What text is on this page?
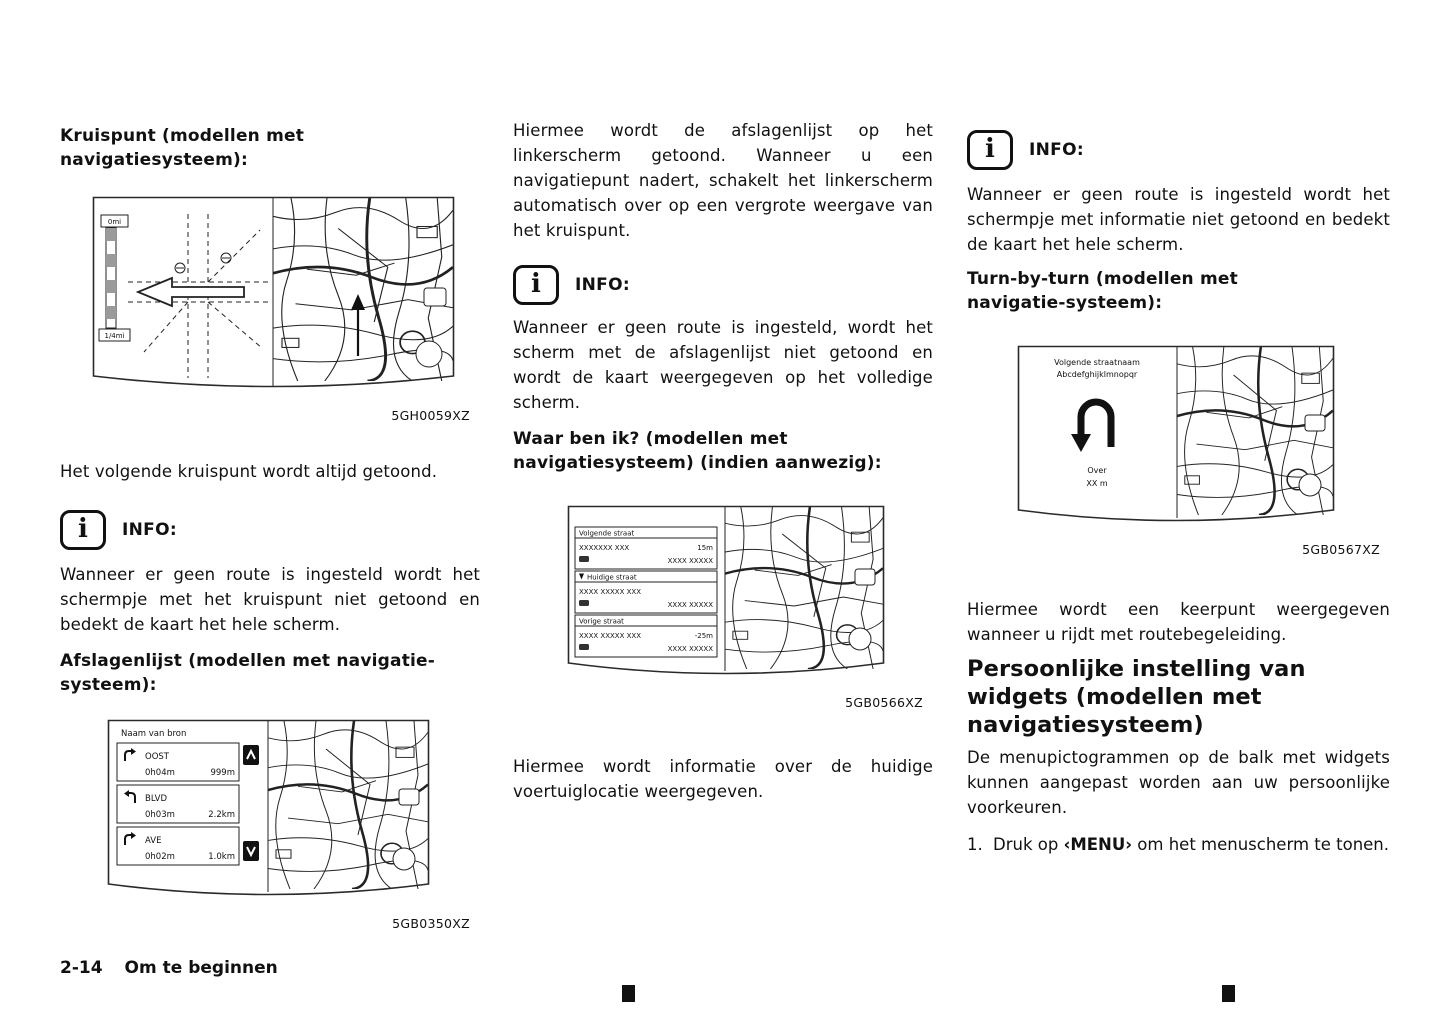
Kruispunt (modellen met navigatiesysteem):
0mi
1/4mi
5GH0059XZ

Het volgende kruispunt wordt altijd getoond.

i INFO:

Wanneer er geen route is ingesteld wordt het schermpje met het kruispunt niet getoond en bedekt de kaart het hele scherm.

Afslagenlijst (modellen met navigatie-systeem):
Naam van bron
OOST
0h04m	999m
BLVD
0h03m	2.2km
AVE
0h02m	1.0km
5GB0350XZ

Hiermee wordt de afslagenlijst op het linkerscherm getoond. Wanneer u een navigatiepunt nadert, schakelt het linkerscherm automatisch over op een vergrote weergave van het kruispunt.

i INFO:

Wanneer er geen route is ingesteld, wordt het scherm met de afslagenlijst niet getoond en wordt de kaart weergegeven op het volledige scherm.

Waar ben ik? (modellen met navigatiesysteem) (indien aanwezig):
Volgende straat
XXXXXXX XXX	15m
XXXX XXXXX
Huidige straat
XXXX XXXXX XXX
XXXX XXXXX
Vorige straat
XXXX XXXXX XXX	-25m
XXXX XXXXX
5GB0566XZ

Hiermee wordt informatie over de huidige voertuiglocatie weergegeven.

i INFO:

Wanneer er geen route is ingesteld wordt het schermpje met informatie niet getoond en bedekt de kaart het hele scherm.

Turn-by-turn (modellen met navigatie-systeem):
Volgende straatnaam
Abcdefghijklmnopqr
Over
XX m
5GB0567XZ

Hiermee wordt een keerpunt weergegeven wanneer u rijdt met routebegeleiding.

Persoonlijke instelling van widgets (modellen met navigatiesysteem)

De menupictogrammen op de balk met widgets kunnen aangepast worden aan uw persoonlijke voorkeuren.

1. Druk op ‹MENU› om het menuscherm te tonen.
2-14 Om te beginnen
